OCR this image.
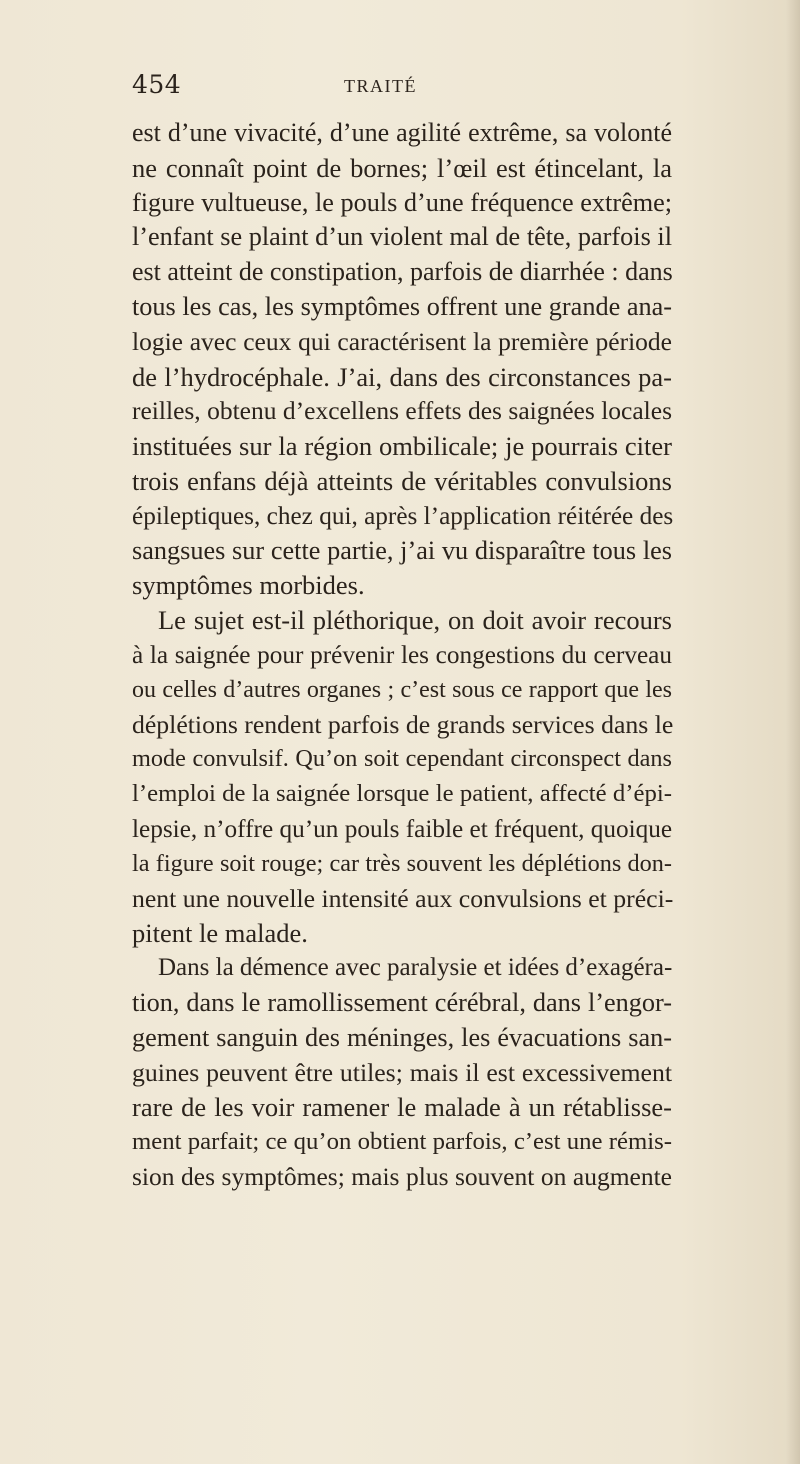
454	TRAITÉ
est d’une vivacité, d’une agilité extrême, sa volonté
ne connaît point de bornes; l’œil est étincelant, la
figure vultueuse, le pouls d’une fréquence extrême;
l’enfant se plaint d’un violent mal de tête, parfois il
est atteint de constipation, parfois de diarrhée : dans
tous les cas, les symptômes offrent une grande ana-
logie avec ceux qui caractérisent la première période
de l’hydrocéphale. J’ai, dans des circonstances pa-
reilles, obtenu d’excellens effets des saignées locales
instituées sur la région ombilicale; je pourrais citer
trois enfans déjà atteints de véritables convulsions
épileptiques, chez qui, après l’application réitérée des
sangsues sur cette partie, j’ai vu disparaître tous les
symptômes morbides.
Le sujet est-il pléthorique, on doit avoir recours
à la saignée pour prévenir les congestions du cerveau
ou celles d’autres organes ; c’est sous ce rapport que les
déplétions rendent parfois de grands services dans le
mode convulsif. Qu’on soit cependant circonspect dans
l’emploi de la saignée lorsque le patient, affecté d’épi-
lepsie, n’offre qu’un pouls faible et fréquent, quoique
la figure soit rouge; car très souvent les déplétions don-
nent une nouvelle intensité aux convulsions et préci-
pitent le malade.
Dans la démence avec paralysie et idées d’exagéra-
tion, dans le ramollissement cérébral, dans l’engor-
gement sanguin des méninges, les évacuations san-
guines peuvent être utiles; mais il est excessivement
rare de les voir ramener le malade à un rétablisse-
ment parfait; ce qu’on obtient parfois, c’est une rémis-
sion des symptômes; mais plus souvent on augmente
